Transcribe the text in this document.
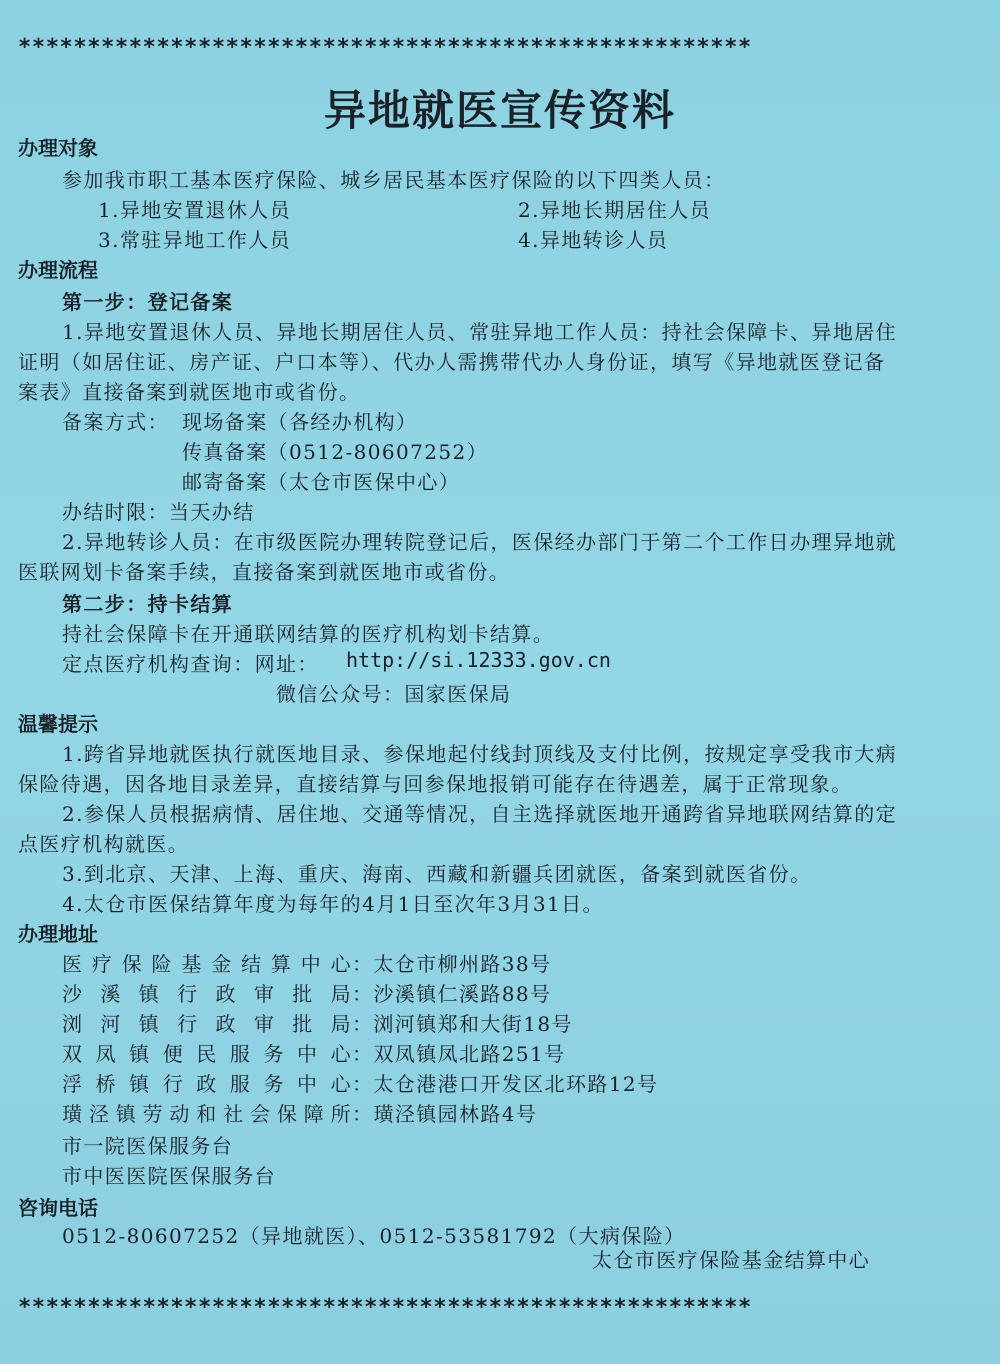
*****************************************************
异地就医宣传资料
办理对象
参加我市职工基本医疗保险、城乡居民基本医疗保险的以下四类人员：
1.异地安置退休人员	2.异地长期居住人员
3.常驻异地工作人员	4.异地转诊人员
办理流程
第一步：登记备案
1.异地安置退休人员、异地长期居住人员、常驻异地工作人员：持社会保障卡、异地居住
证明（如居住证、房产证、户口本等）、代办人需携带代办人身份证，填写《异地就医登记备
案表》直接备案到就医地市或省份。
备案方式： 现场备案（各经办机构）
传真备案（0512-80607252）
邮寄备案（太仓市医保中心）
办结时限：当天办结
2.异地转诊人员：在市级医院办理转院登记后，医保经办部门于第二个工作日办理异地就
医联网划卡备案手续，直接备案到就医地市或省份。
第二步：持卡结算
持社会保障卡在开通联网结算的医疗机构划卡结算。
定点医疗机构查询：网址： http://si.12333.gov.cn
微信公众号：国家医保局
温馨提示
1.跨省异地就医执行就医地目录、参保地起付线封顶线及支付比例，按规定享受我市大病
保险待遇，因各地目录差异，直接结算与回参保地报销可能存在待遇差，属于正常现象。
2.参保人员根据病情、居住地、交通等情况，自主选择就医地开通跨省异地联网结算的定
点医疗机构就医。
3.到北京、天津、上海、重庆、海南、西藏和新疆兵团就医，备案到就医省份。
4.太仓市医保结算年度为每年的4月1日至次年3月31日。
办理地址
医疗保险基金结算中心：太仓市柳州路38号
沙溪镇行政审批局：沙溪镇仁溪路88号
浏河镇行政审批局：浏河镇郑和大街18号
双凤镇便民服务中心：双凤镇凤北路251号
浮桥镇行政服务中心：太仓港港口开发区北环路12号
璜泾镇劳动和社会保障所：璜泾镇园林路4号
市一院医保服务台
市中医医院医保服务台
咨询电话
0512-80607252（异地就医）、0512-53581792（大病保险）
太仓市医疗保险基金结算中心
*****************************************************
